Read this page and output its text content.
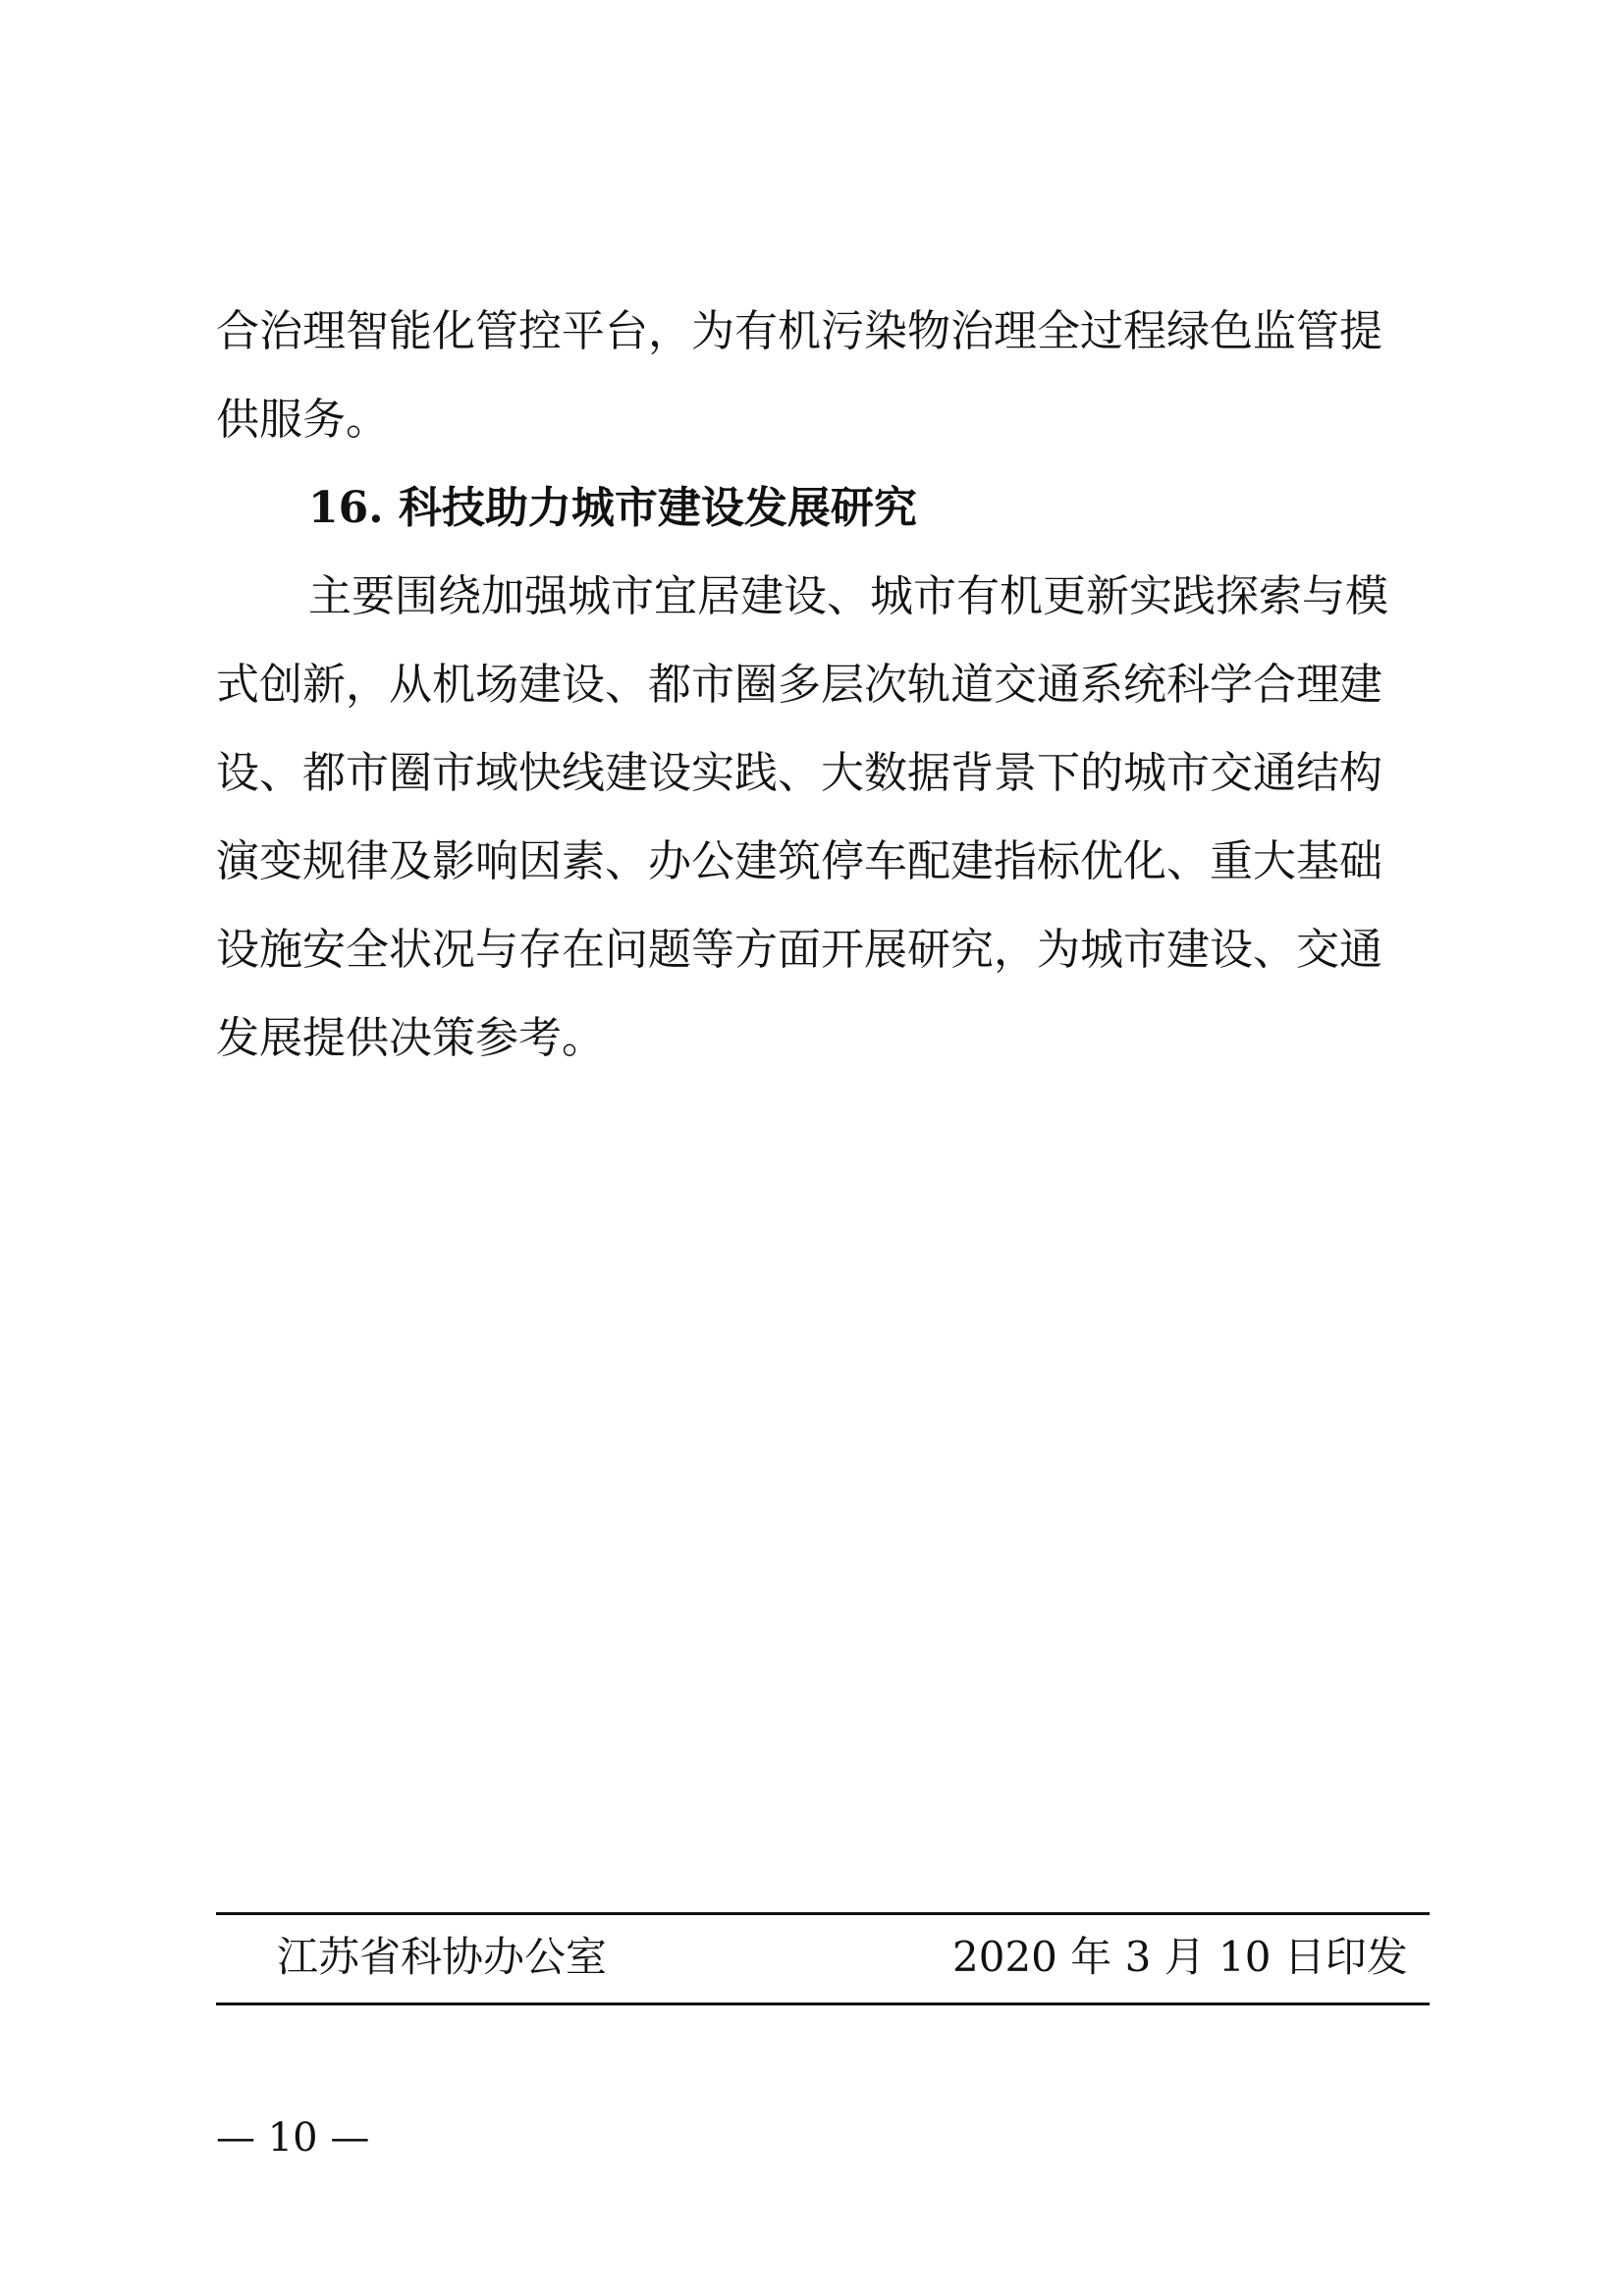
合治理智能化管控平台，为有机污染物治理全过程绿色监管提
供服务。
16. 科技助力城市建设发展研究
主要围绕加强城市宜居建设、城市有机更新实践探索与模
式创新，从机场建设、都市圈多层次轨道交通系统科学合理建
设、都市圈市域快线建设实践、大数据背景下的城市交通结构
演变规律及影响因素、办公建筑停车配建指标优化、重大基础
设施安全状况与存在问题等方面开展研究，为城市建设、交通
发展提供决策参考。
江苏省科协办公室	2020 年 3 月 10 日印发
— 10 —
